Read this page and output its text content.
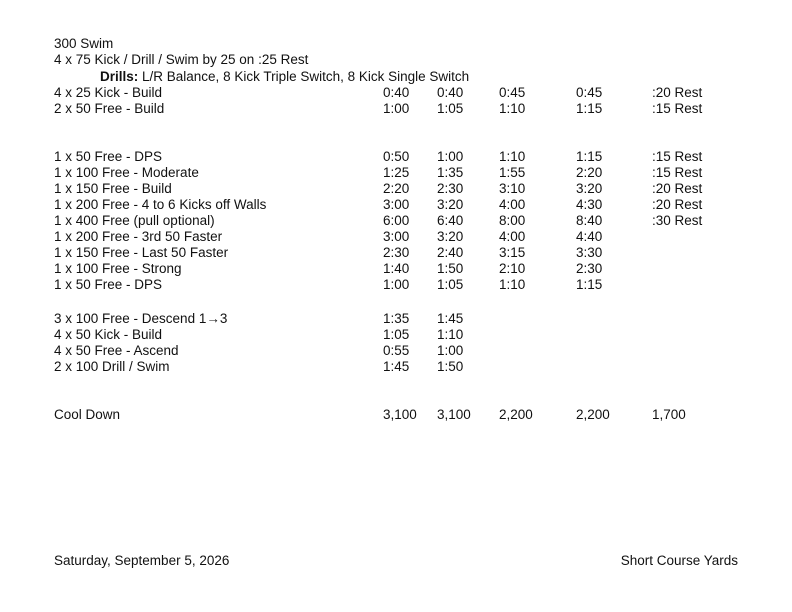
300 Swim
4 x 75 Kick / Drill / Swim by 25 on :25 Rest
Drills: L/R Balance, 8 Kick Triple Switch, 8 Kick Single Switch
4 x 25 Kick - Build	0:40 0:40	0:45	0:45	:20 Rest
2 x 50 Free - Build	1:00 1:05	1:10	1:15	:15 Rest
1 x 50 Free - DPS	0:50 1:00	1:10	1:15	:15 Rest
1 x 100 Free - Moderate	1:25 1:35	1:55	2:20	:15 Rest
1 x 150 Free - Build	2:20 2:30	3:10	3:20	:20 Rest
1 x 200 Free - 4 to 6 Kicks off Walls	3:00 3:20	4:00	4:30	:20 Rest
1 x 400 Free (pull optional)	6:00 6:40	8:00	8:40	:30 Rest
1 x 200 Free - 3rd 50 Faster	3:00 3:20	4:00	4:40
1 x 150 Free - Last 50 Faster	2:30 2:40	3:15	3:30
1 x 100 Free - Strong	1:40 1:50	2:10	2:30
1 x 50 Free - DPS	1:00 1:05	1:10	1:15
3 x 100 Free - Descend 1→3	1:35 1:45
4 x 50 Kick - Build	1:05 1:10
4 x 50 Free - Ascend	0:55 1:00
2 x 100 Drill / Swim	1:45 1:50
Cool Down	3,100 3,100 2,200	2,200	1,700
Saturday, September 5, 2026	Short Course Yards
